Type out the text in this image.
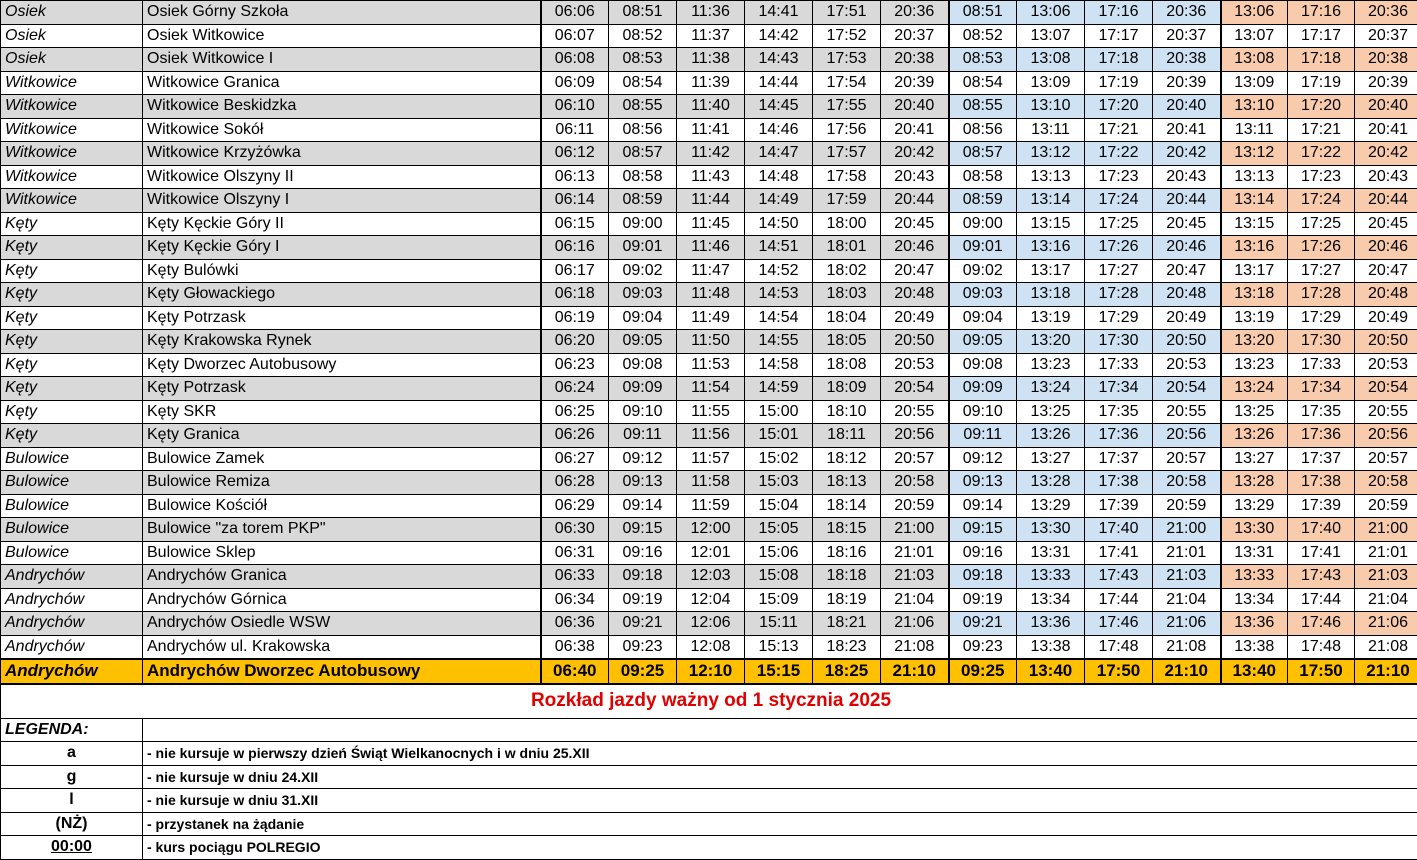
Osiek	Osiek Górny Szkoła	06:06	08:51	11:36	14:41	17:51	20:36	08:51	13:06	17:16	20:36	13:06	17:16	20:36
Osiek	Osiek Witkowice	06:07	08:52	11:37	14:42	17:52	20:37	08:52	13:07	17:17	20:37	13:07	17:17	20:37
Osiek	Osiek Witkowice I	06:08	08:53	11:38	14:43	17:53	20:38	08:53	13:08	17:18	20:38	13:08	17:18	20:38
Witkowice	Witkowice Granica	06:09	08:54	11:39	14:44	17:54	20:39	08:54	13:09	17:19	20:39	13:09	17:19	20:39
Witkowice	Witkowice Beskidzka	06:10	08:55	11:40	14:45	17:55	20:40	08:55	13:10	17:20	20:40	13:10	17:20	20:40
Witkowice	Witkowice Sokół	06:11	08:56	11:41	14:46	17:56	20:41	08:56	13:11	17:21	20:41	13:11	17:21	20:41
Witkowice	Witkowice Krzyżówka	06:12	08:57	11:42	14:47	17:57	20:42	08:57	13:12	17:22	20:42	13:12	17:22	20:42
Witkowice	Witkowice Olszyny II	06:13	08:58	11:43	14:48	17:58	20:43	08:58	13:13	17:23	20:43	13:13	17:23	20:43
Witkowice	Witkowice Olszyny I	06:14	08:59	11:44	14:49	17:59	20:44	08:59	13:14	17:24	20:44	13:14	17:24	20:44
Kęty	Kęty Kęckie Góry II	06:15	09:00	11:45	14:50	18:00	20:45	09:00	13:15	17:25	20:45	13:15	17:25	20:45
Kęty	Kęty Kęckie Góry I	06:16	09:01	11:46	14:51	18:01	20:46	09:01	13:16	17:26	20:46	13:16	17:26	20:46
Kęty	Kęty Bulówki	06:17	09:02	11:47	14:52	18:02	20:47	09:02	13:17	17:27	20:47	13:17	17:27	20:47
Kęty	Kęty Głowackiego	06:18	09:03	11:48	14:53	18:03	20:48	09:03	13:18	17:28	20:48	13:18	17:28	20:48
Kęty	Kęty Potrzask	06:19	09:04	11:49	14:54	18:04	20:49	09:04	13:19	17:29	20:49	13:19	17:29	20:49
Kęty	Kęty Krakowska Rynek	06:20	09:05	11:50	14:55	18:05	20:50	09:05	13:20	17:30	20:50	13:20	17:30	20:50
Kęty	Kęty Dworzec Autobusowy	06:23	09:08	11:53	14:58	18:08	20:53	09:08	13:23	17:33	20:53	13:23	17:33	20:53
Kęty	Kęty Potrzask	06:24	09:09	11:54	14:59	18:09	20:54	09:09	13:24	17:34	20:54	13:24	17:34	20:54
Kęty	Kęty SKR	06:25	09:10	11:55	15:00	18:10	20:55	09:10	13:25	17:35	20:55	13:25	17:35	20:55
Kęty	Kęty Granica	06:26	09:11	11:56	15:01	18:11	20:56	09:11	13:26	17:36	20:56	13:26	17:36	20:56
Bulowice	Bulowice Zamek	06:27	09:12	11:57	15:02	18:12	20:57	09:12	13:27	17:37	20:57	13:27	17:37	20:57
Bulowice	Bulowice Remiza	06:28	09:13	11:58	15:03	18:13	20:58	09:13	13:28	17:38	20:58	13:28	17:38	20:58
Bulowice	Bulowice Kościół	06:29	09:14	11:59	15:04	18:14	20:59	09:14	13:29	17:39	20:59	13:29	17:39	20:59
Bulowice	Bulowice "za torem PKP"	06:30	09:15	12:00	15:05	18:15	21:00	09:15	13:30	17:40	21:00	13:30	17:40	21:00
Bulowice	Bulowice Sklep	06:31	09:16	12:01	15:06	18:16	21:01	09:16	13:31	17:41	21:01	13:31	17:41	21:01
Andrychów	Andrychów Granica	06:33	09:18	12:03	15:08	18:18	21:03	09:18	13:33	17:43	21:03	13:33	17:43	21:03
Andrychów	Andrychów Górnica	06:34	09:19	12:04	15:09	18:19	21:04	09:19	13:34	17:44	21:04	13:34	17:44	21:04
Andrychów	Andrychów Osiedle WSW	06:36	09:21	12:06	15:11	18:21	21:06	09:21	13:36	17:46	21:06	13:36	17:46	21:06
Andrychów	Andrychów ul. Krakowska	06:38	09:23	12:08	15:13	18:23	21:08	09:23	13:38	17:48	21:08	13:38	17:48	21:08
Andrychów	Andrychów Dworzec Autobusowy	06:40	09:25	12:10	15:15	18:25	21:10	09:25	13:40	17:50	21:10	13:40	17:50	21:10
Rozkład jazdy ważny od 1 stycznia 2025														
LEGENDA:														
a	- nie kursuje w pierwszy dzień Świąt Wielkanocnych i w dniu 25.XII													
g	- nie kursuje w dniu 24.XII													
l	- nie kursuje w dniu 31.XII													
(NŻ)	- przystanek na żądanie													
00:00	- kurs pociągu POLREGIO													
